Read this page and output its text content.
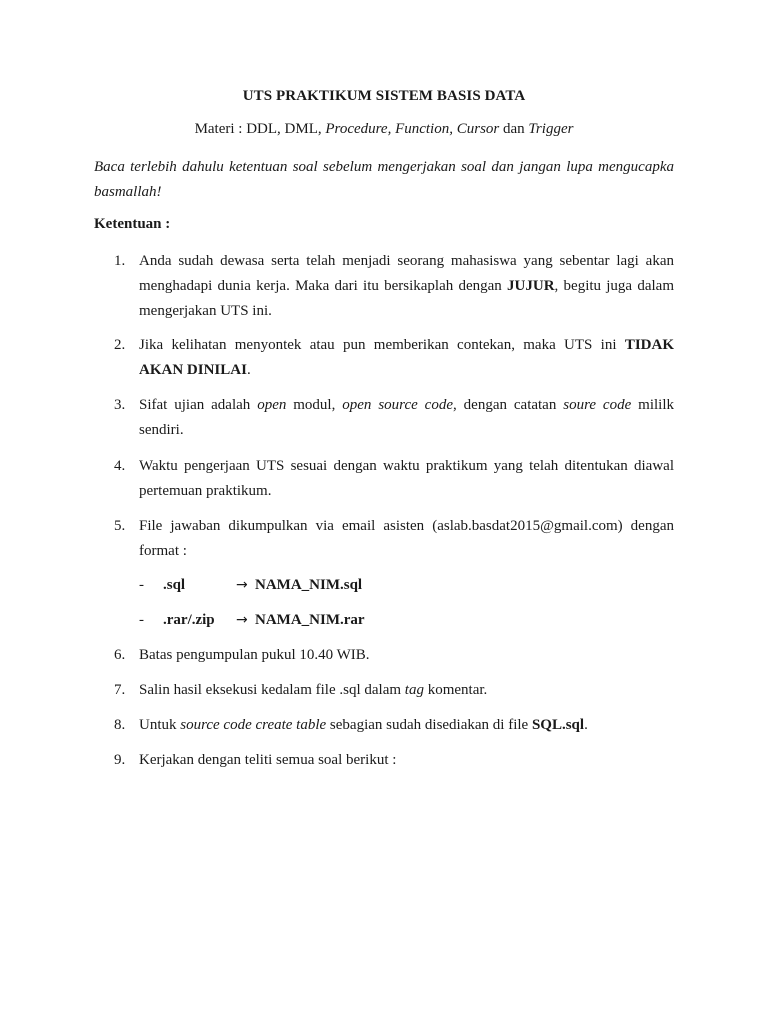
UTS PRAKTIKUM SISTEM BASIS DATA
Materi : DDL, DML, Procedure, Function, Cursor dan Trigger
Baca terlebih dahulu ketentuan soal sebelum mengerjakan soal dan jangan lupa mengucapka basmallah!
Ketentuan :
1. Anda sudah dewasa serta telah menjadi seorang mahasiswa yang sebentar lagi akan menghadapi dunia kerja. Maka dari itu bersikaplah dengan JUJUR, begitu juga dalam mengerjakan UTS ini.
2. Jika kelihatan menyontek atau pun memberikan contekan, maka UTS ini TIDAK AKAN DINILAI.
3. Sifat ujian adalah open modul, open source code, dengan catatan soure code mililk sendiri.
4. Waktu pengerjaan UTS sesuai dengan waktu praktikum yang telah ditentukan diawal pertemuan praktikum.
5. File jawaban dikumpulkan via email asisten (aslab.basdat2015@gmail.com) dengan format :
- .sql	→ NAMA_NIM.sql
- .rar/.zip → NAMA_NIM.rar
6. Batas pengumpulan pukul 10.40 WIB.
7. Salin hasil eksekusi kedalam file .sql dalam tag komentar.
8. Untuk source code create table sebagian sudah disediakan di file SQL.sql.
9. Kerjakan dengan teliti semua soal berikut :
